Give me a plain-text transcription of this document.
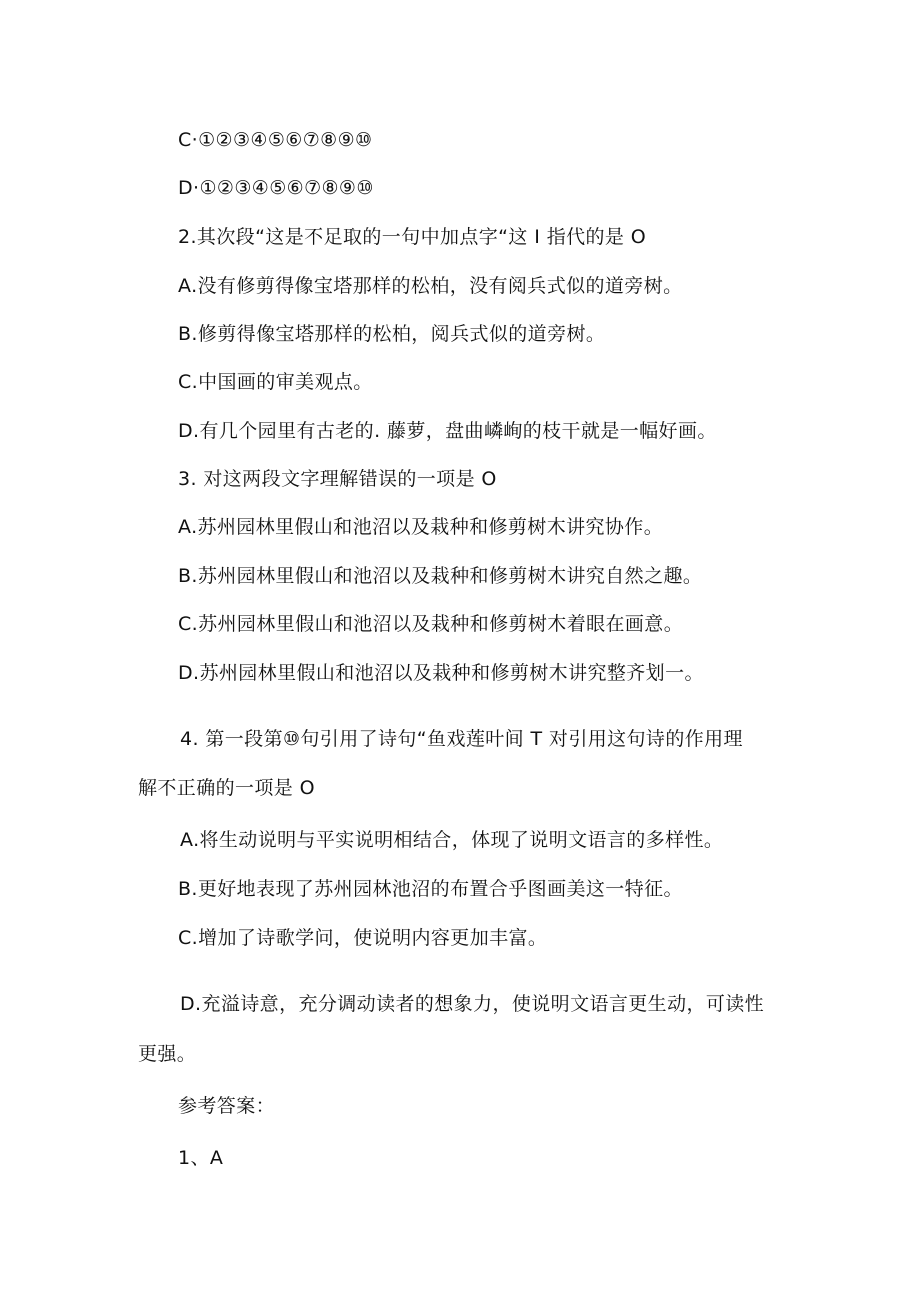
C·①②③④⑤⑥⑦⑧⑨⑩
D·①②③④⑤⑥⑦⑧⑨⑩
2.其次段“这是不足取的一句中加点字“这 I 指代的是 O
A.没有修剪得像宝塔那样的松柏，没有阅兵式似的道旁树。
B.修剪得像宝塔那样的松柏，阅兵式似的道旁树。
C.中国画的审美观点。
D.有几个园里有古老的. 藤萝，盘曲嶙峋的枝干就是一幅好画。
3. 对这两段文字理解错误的一项是 O
A.苏州园林里假山和池沼以及栽种和修剪树木讲究协作。
B.苏州园林里假山和池沼以及栽种和修剪树木讲究自然之趣。
C.苏州园林里假山和池沼以及栽种和修剪树木着眼在画意。
D.苏州园林里假山和池沼以及栽种和修剪树木讲究整齐划一。
4. 第一段第⑩句引用了诗句“鱼戏莲叶间 T 对引用这句诗的作用理
解不正确的一项是 O
A.将生动说明与平实说明相结合，体现了说明文语言的多样性。
B.更好地表现了苏州园林池沼的布置合乎图画美这一特征。
C.增加了诗歌学问，使说明内容更加丰富。
D.充溢诗意，充分调动读者的想象力，使说明文语言更生动，可读性
更强。
参考答案：
1、A
